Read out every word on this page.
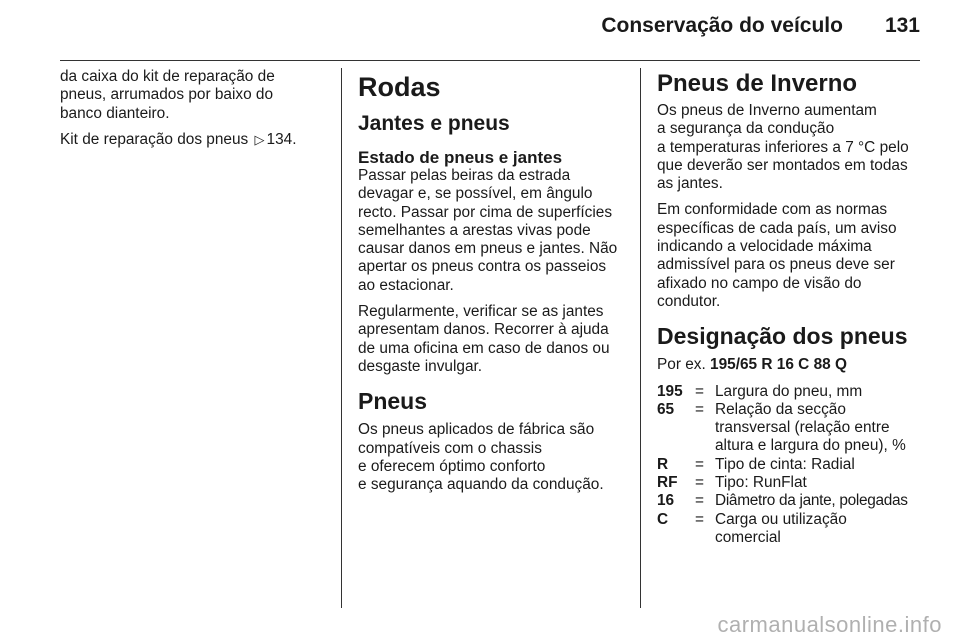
Conservação do veículo 131

da caixa do kit de reparação de
pneus, arrumados por baixo do
banco dianteiro.

Kit de reparação dos pneus ▷ 134.

Rodas
Jantes e pneus
Estado de pneus e jantes

Passar pelas beiras da estrada
devagar e, se possível, em ângulo
recto. Passar por cima de superfícies
semelhantes a arestas vivas pode
causar danos em pneus e jantes. Não
apertar os pneus contra os passeios
ao estacionar.

Regularmente, verificar se as jantes
apresentam danos. Recorrer à ajuda
de uma oficina em caso de danos ou
desgaste invulgar.

Pneus

Os pneus aplicados de fábrica são
compatíveis com o chassis
e oferecem óptimo conforto
e segurança aquando da condução.

Pneus de Inverno

Os pneus de Inverno aumentam
a segurança da condução
a temperaturas inferiores a 7 °C pelo
que deverão ser montados em todas
as jantes.

Em conformidade com as normas
específicas de cada país, um aviso
indicando a velocidade máxima
admissível para os pneus deve ser
afixado no campo de visão do
condutor.

Designação dos pneus

Por ex. 195/65 R 16 C 88 Q

195	=	Largura do pneu, mm
65	=	Relação da secção
transversal (relação entre
altura e largura do pneu), %
R	=	Tipo de cinta: Radial
RF	=	Tipo: RunFlat
16	=	Diâmetro da jante, polegadas
C	=	Carga ou utilização
comercial
carmanualsonline.info
